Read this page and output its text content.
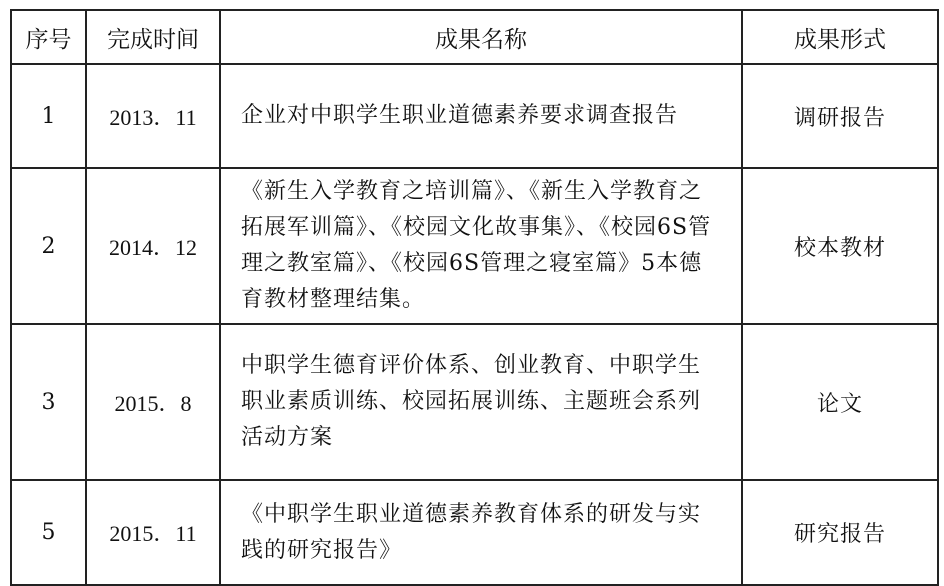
序号	完成时间	成果名称	成果形式
1	2013．11	企业对中职学生职业道德素养要求调查报告	调研报告
2	2014．12	《新生入学教育之培训篇》、《新生入学教育之拓展军训篇》、《校园文化故事集》、《校园6S管理之教室篇》、《校园6S管理之寝室篇》5本德育教材整理结集。	校本教材
3	2015．8	中职学生德育评价体系、创业教育、中职学生职业素质训练、校园拓展训练、主题班会系列活动方案	论文
5	2015．11	《中职学生职业道德素养教育体系的研发与实践的研究报告》	研究报告
